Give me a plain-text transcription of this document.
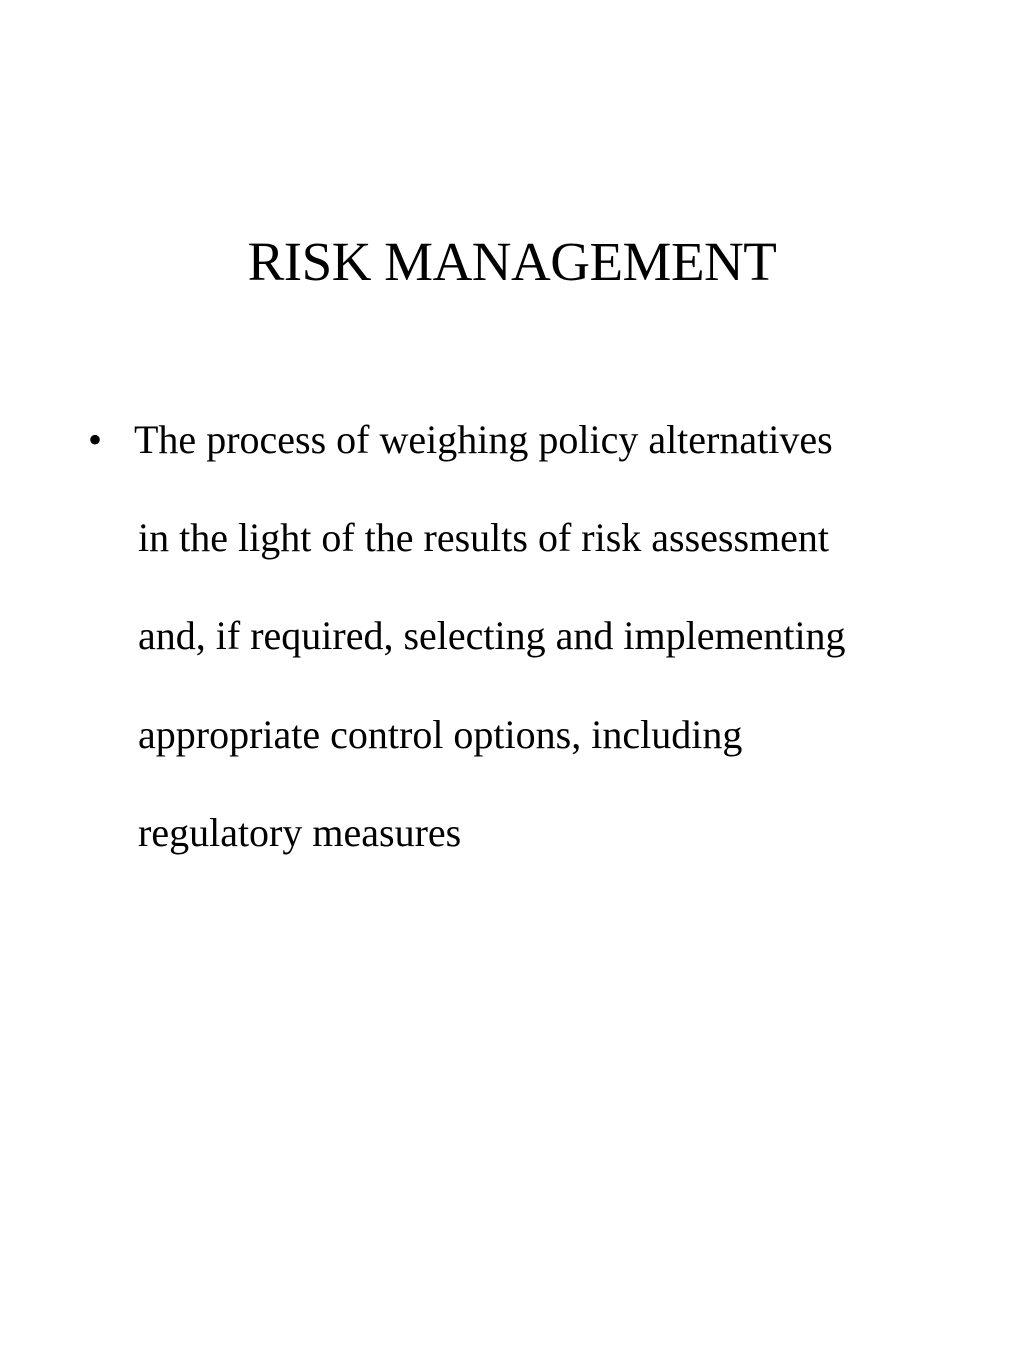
RISK MANAGEMENT
• The process of weighing policy alternatives
in the light of the results of risk assessment
and, if required, selecting and implementing
appropriate control options, including
regulatory measures
